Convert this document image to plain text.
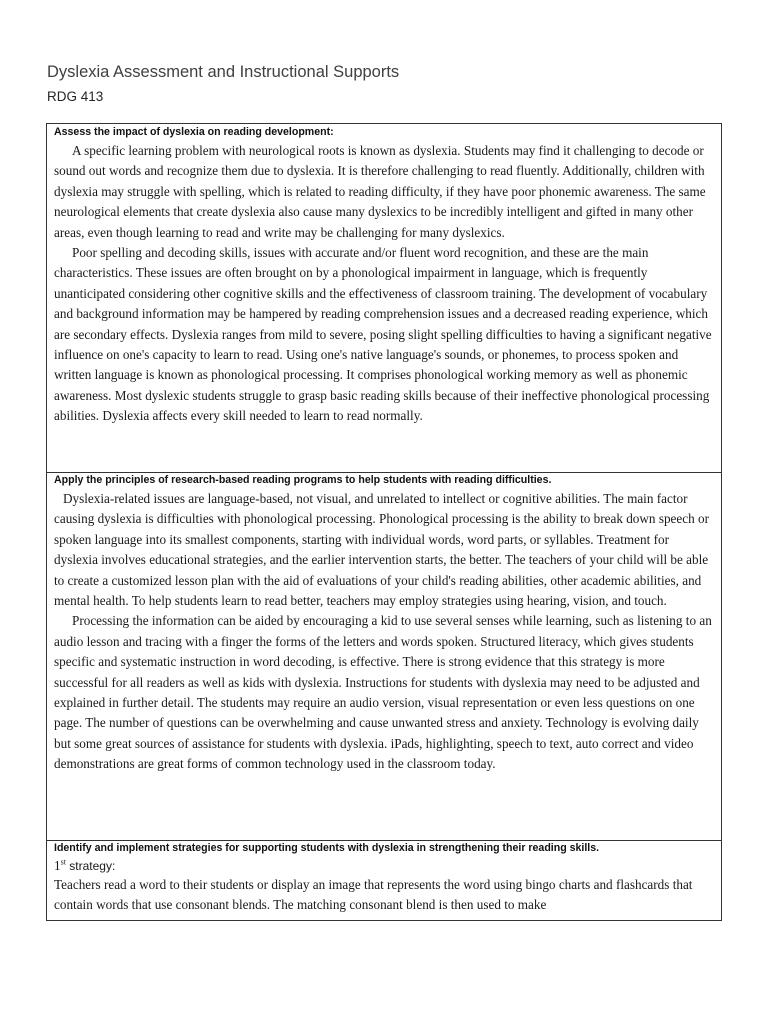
Dyslexia Assessment and Instructional Supports
RDG 413
Assess the impact of dyslexia on reading development:

A specific learning problem with neurological roots is known as dyslexia. Students may find it challenging to decode or sound out words and recognize them due to dyslexia. It is therefore challenging to read fluently. Additionally, children with dyslexia may struggle with spelling, which is related to reading difficulty, if they have poor phonemic awareness. The same neurological elements that create dyslexia also cause many dyslexics to be incredibly intelligent and gifted in many other areas, even though learning to read and write may be challenging for many dyslexics.

Poor spelling and decoding skills, issues with accurate and/or fluent word recognition, and these are the main characteristics. These issues are often brought on by a phonological impairment in language, which is frequently unanticipated considering other cognitive skills and the effectiveness of classroom training. The development of vocabulary and background information may be hampered by reading comprehension issues and a decreased reading experience, which are secondary effects. Dyslexia ranges from mild to severe, posing slight spelling difficulties to having a significant negative influence on one's capacity to learn to read. Using one's native language's sounds, or phonemes, to process spoken and written language is known as phonological processing. It comprises phonological working memory as well as phonemic awareness. Most dyslexic students struggle to grasp basic reading skills because of their ineffective phonological processing abilities. Dyslexia affects every skill needed to learn to read normally.

Apply the principles of research-based reading programs to help students with reading difficulties.

Dyslexia-related issues are language-based, not visual, and unrelated to intellect or cognitive abilities. The main factor causing dyslexia is difficulties with phonological processing. Phonological processing is the ability to break down speech or spoken language into its smallest components, starting with individual words, word parts, or syllables. Treatment for dyslexia involves educational strategies, and the earlier intervention starts, the better. The teachers of your child will be able to create a customized lesson plan with the aid of evaluations of your child's reading abilities, other academic abilities, and mental health. To help students learn to read better, teachers may employ strategies using hearing, vision, and touch.

Processing the information can be aided by encouraging a kid to use several senses while learning, such as listening to an audio lesson and tracing with a finger the forms of the letters and words spoken. Structured literacy, which gives students specific and systematic instruction in word decoding, is effective. There is strong evidence that this strategy is more successful for all readers as well as kids with dyslexia. Instructions for students with dyslexia may need to be adjusted and explained in further detail. The students may require an audio version, visual representation or even less questions on one page. The number of questions can be overwhelming and cause unwanted stress and anxiety. Technology is evolving daily but some great sources of assistance for students with dyslexia. iPads, highlighting, speech to text, auto correct and video demonstrations are great forms of common technology used in the classroom today.

Identify and implement strategies for supporting students with dyslexia in strengthening their reading skills.
1st strategy:

Teachers read a word to their students or display an image that represents the word using bingo charts and flashcards that contain words that use consonant blends. The matching consonant blend is then used to make
